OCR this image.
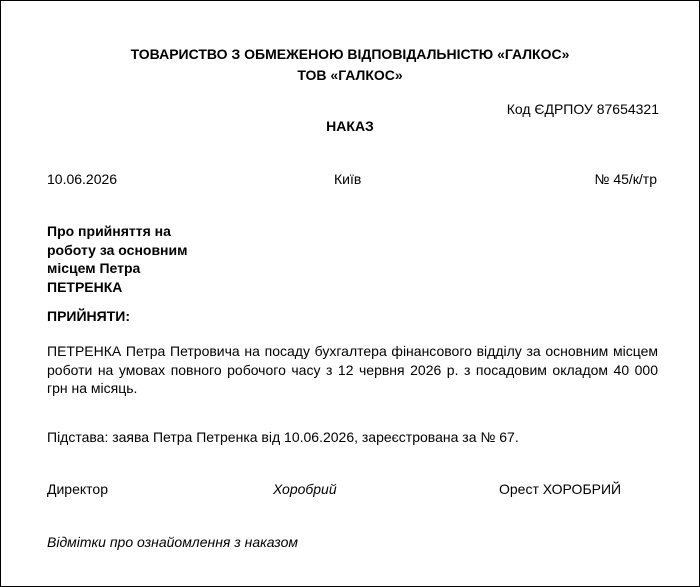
ТОВАРИСТВО З ОБМЕЖЕНОЮ ВІДПОВІДАЛЬНІСТЮ «ГАЛКОС»
ТОВ «ГАЛКОС»
Код ЄДРПОУ 87654321
НАКАЗ
10.06.2026	Київ	№ 45/к/тр
Про прийняття на
роботу за основним
місцем Петра
ПЕТРЕНКА
ПРИЙНЯТИ:
ПЕТРЕНКА Петра Петровича на посаду бухгалтера фінансового відділу за основним місцем роботи на умовах повного робочого часу з 12 червня 2026 р. з посадовим окладом 40 000 грн на місяць.
Підстава: заява Петра Петренка від 10.06.2026, зареєстрована за № 67.
Директор	Хоробрий	Орест ХОРОБРИЙ
Відмітки про ознайомлення з наказом
